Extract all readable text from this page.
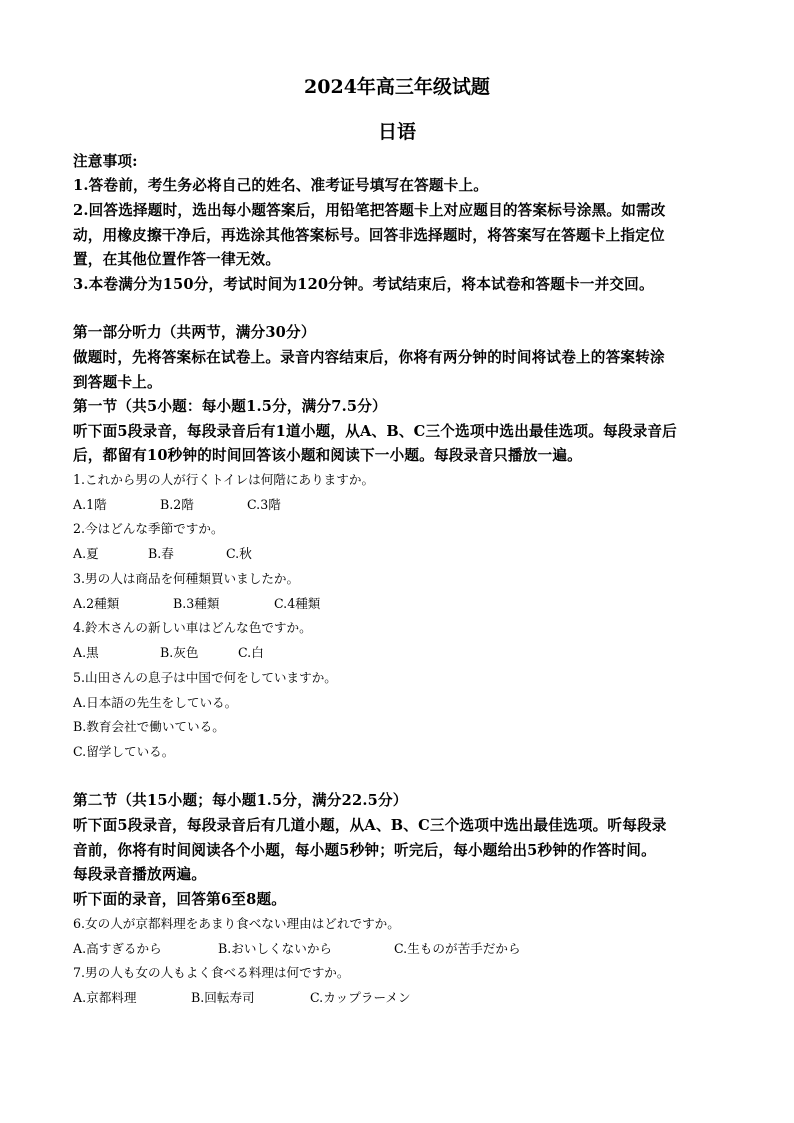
2024年高三年级试题
日语
注意事项:
1.答卷前，考生务必将自己的姓名、准考证号填写在答题卡上。
2.回答选择题时，选出每小题答案后，用铅笔把答题卡上对应题目的答案标号涂黑。如需改
动，用橡皮擦干净后，再选涂其他答案标号。回答非选择题时，将答案写在答题卡上指定位
置，在其他位置作答一律无效。
3.本卷满分为150分，考试时间为120分钟。考试结束后，将本试卷和答题卡一并交回。
第一部分听力（共两节，满分30分）
做题时，先将答案标在试卷上。录音内容结束后，你将有两分钟的时间将试卷上的答案转涂
到答题卡上。
第一节（共5小题：每小题1.5分，满分7.5分）
听下面5段录音，每段录音后有1道小题，从A、B、C三个选项中选出最佳选项。每段录音后
后，都留有10秒钟的时间回答该小题和阅读下一小题。每段录音只播放一遍。
1.これから男の人が行くトイレは何階にありますか。
A.1階	B.2階	C.3階
2.今はどんな季節ですか。
A.夏	B.春	C.秋
3.男の人は商品を何種類買いましたか。
A.2種類	B.3種類	C.4種類
4.鈴木さんの新しい車はどんな色ですか。
A.黒	B.灰色	C.白
5.山田さんの息子は中国で何をしていますか。
A.日本語の先生をしている。
B.教育会社で働いている。
C.留学している。
第二节（共15小题；每小题1.5分，满分22.5分）
听下面5段录音，每段录音后有几道小题，从A、B、C三个选项中选出最佳选项。听每段录
音前，你将有时间阅读各个小题，每小题5秒钟；听完后，每小题给出5秒钟的作答时间。
每段录音播放两遍。
听下面的录音，回答第6至8题。
6.女の人が京都料理をあまり食べない理由はどれですか。
A.高すぎるから	B.おいしくないから	C.生ものが苦手だから
7.男の人も女の人もよく食べる料理は何ですか。
A.京都料理	B.回転寿司	C.カップラーメン
